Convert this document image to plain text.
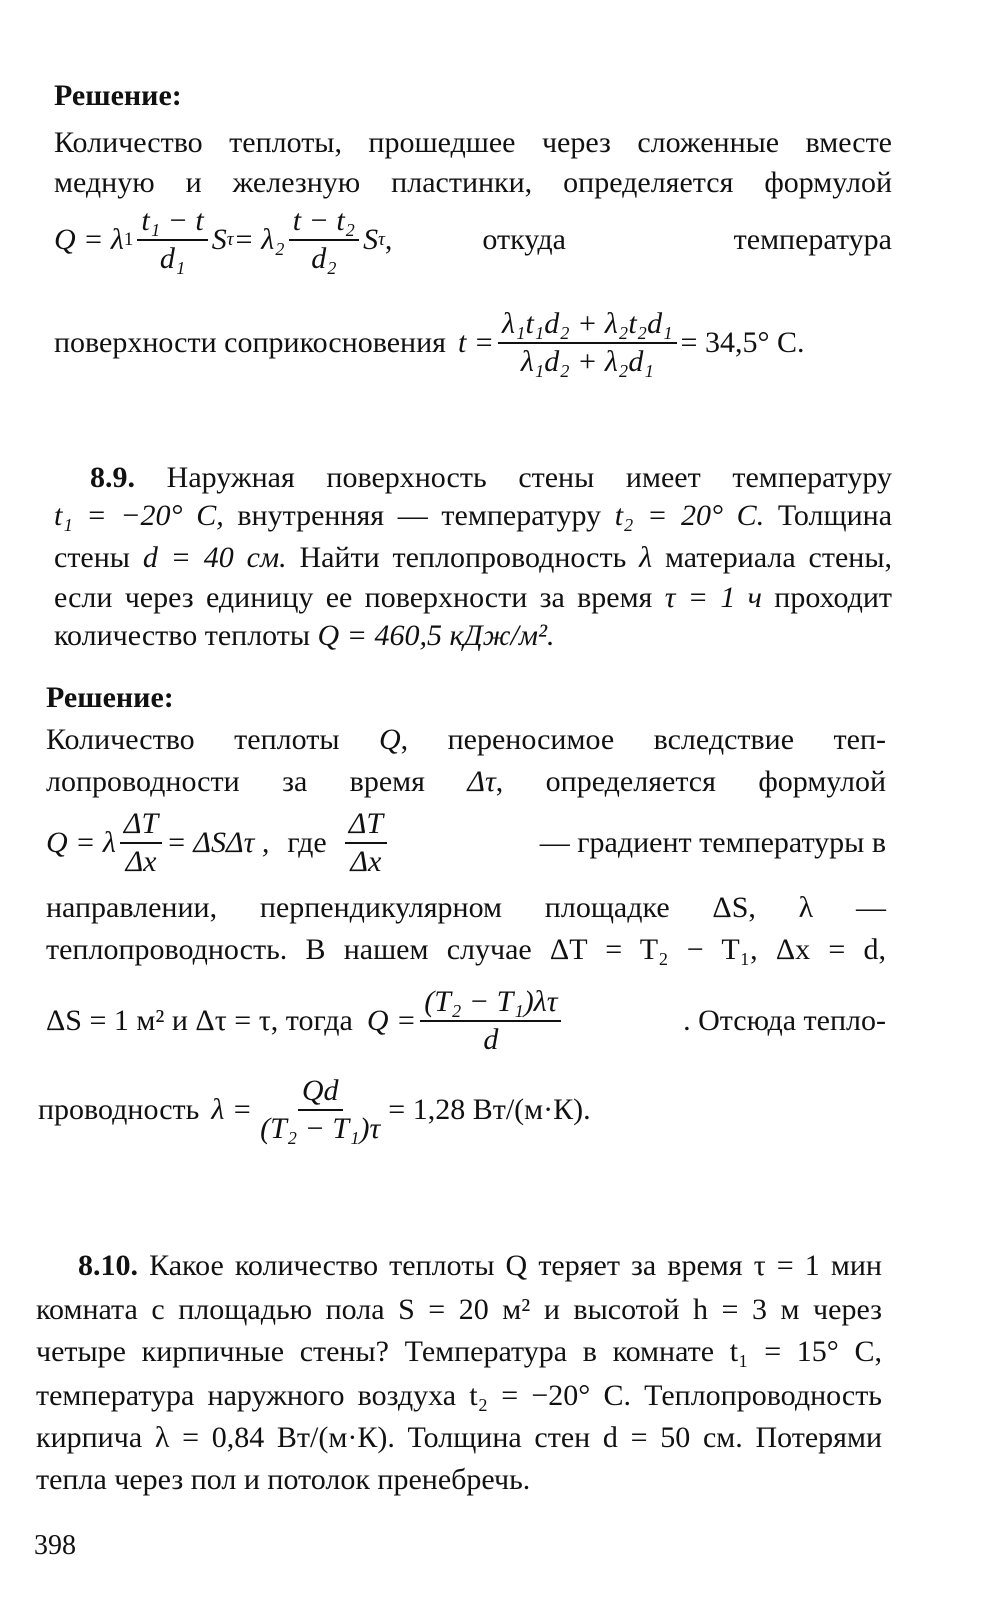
Решение:
Количество теплоты, прошедшее через сложенные вместе
медную и железную пластинки, определяется формулой
Q = λ $1 \frac{\text{t₁ − t}}{\text{d₁}}$ S $\tau = \lambda_2 \frac{\text{t − t₂}}{\text{d₂}}$ S τ ,	откуда	температура
поверхности соприкосновения $t = \frac{\text{λ₁t₁d₂ + λ₂t₂d₁}}{\text{λ₁d₂ + λ₂d₁}} = 34,5^\circ$ C.
8.9. Наружная поверхность стены имеет температуру
t₁ = −20° C, внутренняя — температуру t₂ = 20° C. Толщина
стены d = 40 см. Найти теплопроводность λ материала стены,
если через единицу ее поверхности за время τ = 1 ч проходит
количество теплоты Q = 460,5 кДж/м².
Решение:
Количество теплоты Q, переносимое вследствие теп-
лопроводности за время Δτ, определяется формулой
Q = λ $\frac{\Delta T}{\Delta x} = \Delta S\Delta\tau$ , где $\frac{\Delta T}{\Delta x}$	— градиент температуры в
направлении, перпендикулярном площадке ΔS, λ —
теплопроводность. В нашем случае ΔT = T₂ − T₁, Δx = d,
ΔS = 1 м² и Δτ = τ, тогда $Q = \frac{\text{(T₂ − T₁)λτ}}{d}$	. Отсюда тепло-
проводность $\lambda = \frac{Qd}{\text{(T₂ − T₁)τ}} = 1,28$ Вт/(м·К).
8.10. Какое количество теплоты Q теряет за время τ = 1 мин
комната с площадью пола S = 20 м² и высотой h = 3 м через
четыре кирпичные стены? Температура в комнате t₁ = 15° C,
температура наружного воздуха t₂ = −20° C. Теплопроводность
кирпича λ = 0,84 Вт/(м·К). Толщина стен d = 50 см. Потерями
тепла через пол и потолок пренебречь.
398
